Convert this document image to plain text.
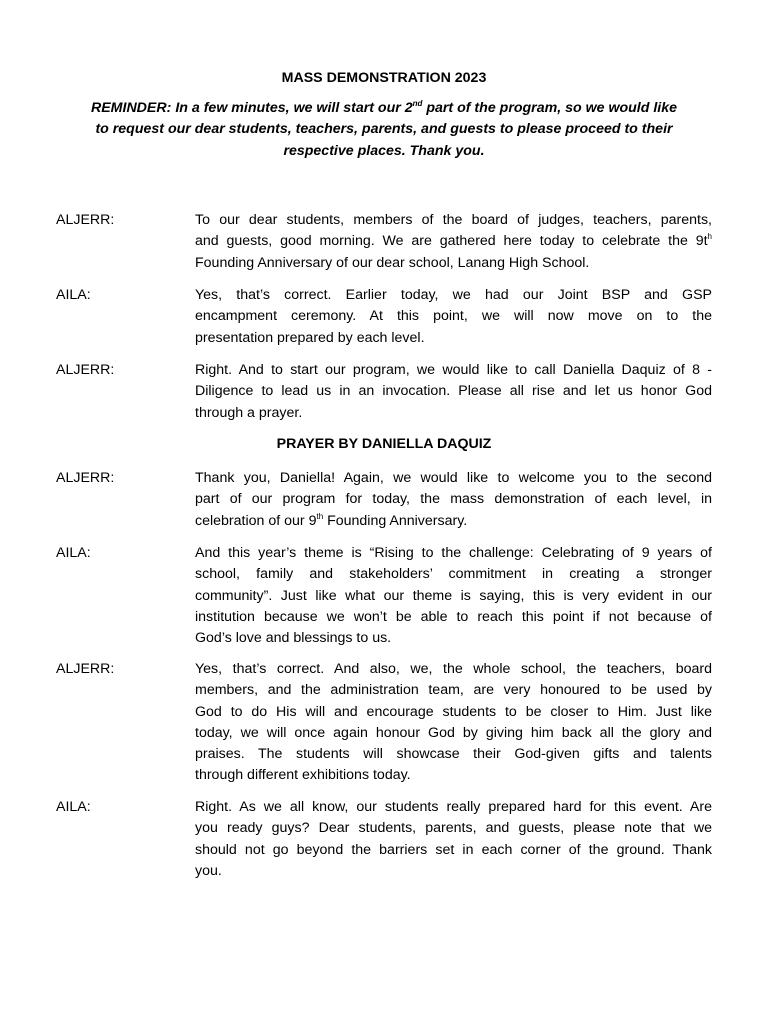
MASS DEMONSTRATION 2023

REMINDER: In a few minutes, we will start our 2nd part of the program, so we would like
to request our dear students, teachers, parents, and guests to please proceed to their
respective places. Thank you.

ALJERR:	To our dear students, members of the board of judges, teachers, parents,
and guests, good morning. We are gathered here today to celebrate the $9t^h$
Founding Anniversary of our dear school, Lanang High School.

AILA:	Yes, that’s correct. Earlier today, we had our Joint BSP and GSP
encampment ceremony. At this point, we will now move on to the
presentation prepared by each level.

ALJERR:	Right. And to start our program, we would like to call Daniella Daquiz of 8 -
Diligence to lead us in an invocation. Please all rise and let us honor God
through a prayer.

PRAYER BY DANIELLA DAQUIZ

ALJERR:	Thank you, Daniella! Again, we would like to welcome you to the second
part of our program for today, the mass demonstration of each level, in
celebration of our 9th Founding Anniversary.

AILA:	And this year’s theme is “Rising to the challenge: Celebrating of 9 years of
school, family and stakeholders’ commitment in creating a stronger
community”. Just like what our theme is saying, this is very evident in our
institution because we won’t be able to reach this point if not because of
God’s love and blessings to us.

ALJERR:	Yes, that’s correct. And also, we, the whole school, the teachers, board
members, and the administration team, are very honoured to be used by
God to do His will and encourage students to be closer to Him. Just like
today, we will once again honour God by giving him back all the glory and
praises. The students will showcase their God-given gifts and talents
through different exhibitions today.

AILA:	Right. As we all know, our students really prepared hard for this event. Are
you ready guys? Dear students, parents, and guests, please note that we
should not go beyond the barriers set in each corner of the ground. Thank
you.
